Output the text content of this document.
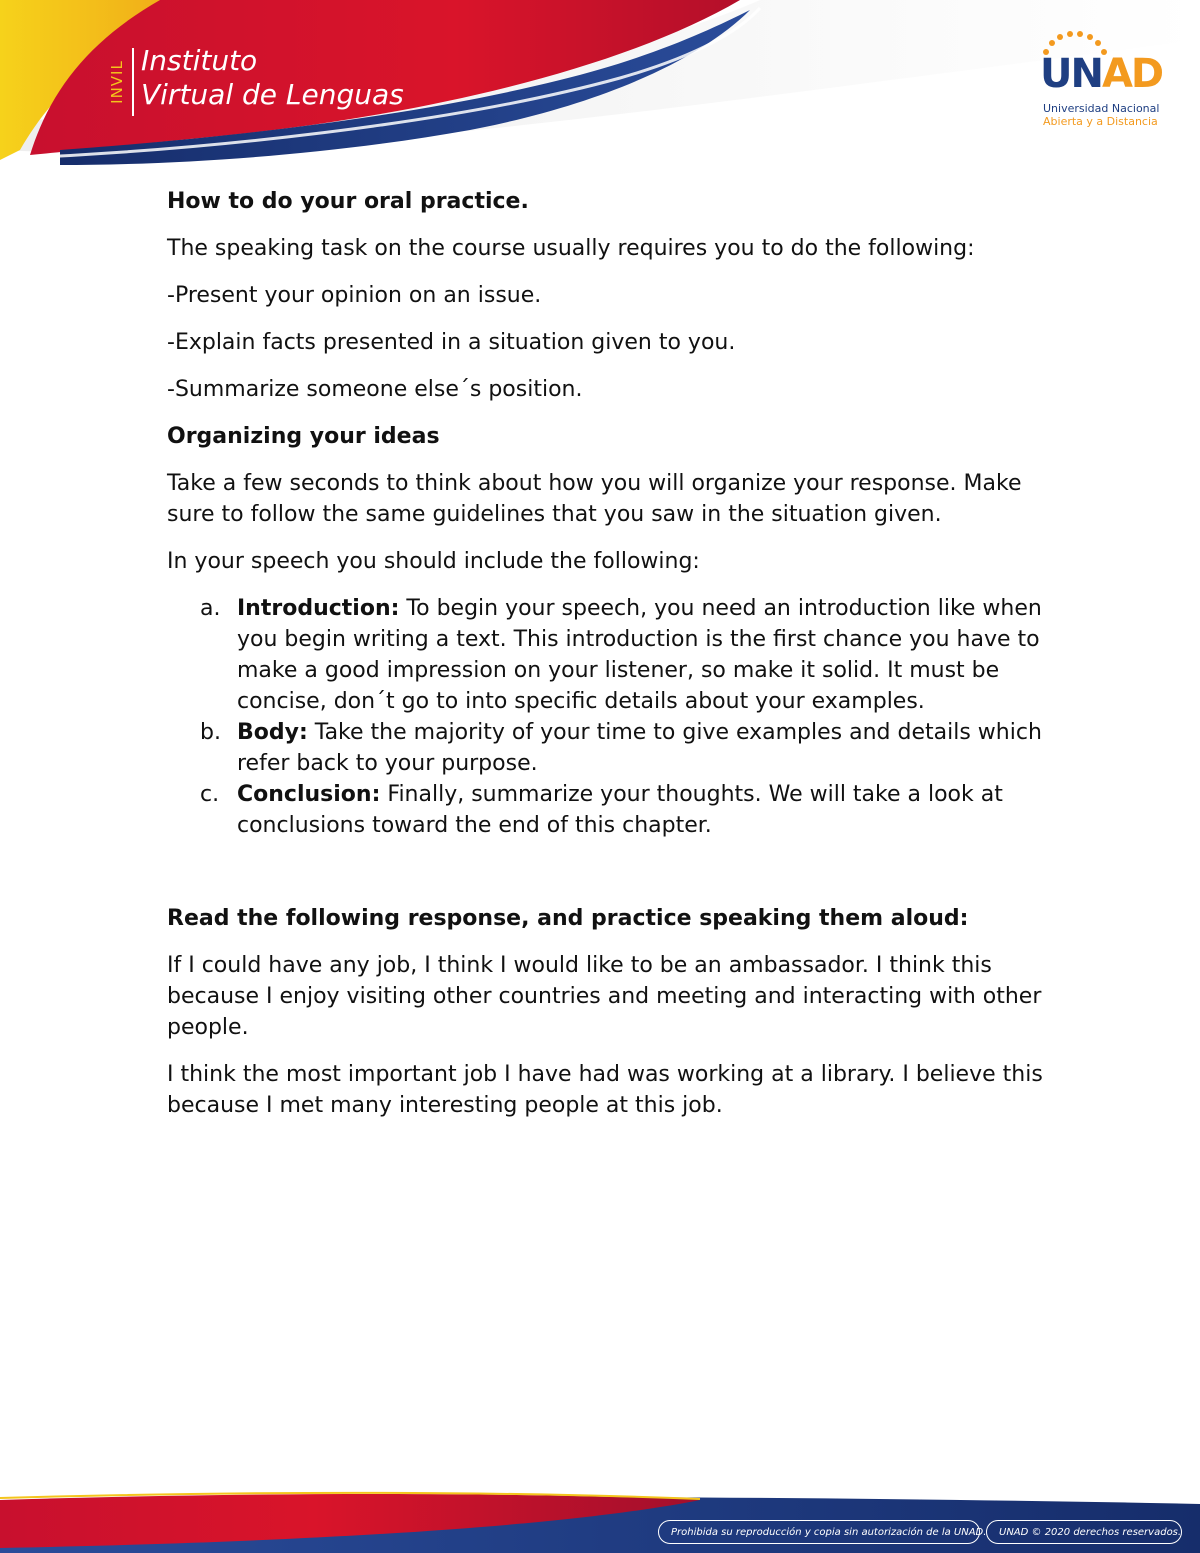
INVIL Instituto
Virtual de Lenguas	UNAD
Universidad Nacional
Abierta y a Distancia
How to do your oral practice.

The speaking task on the course usually requires you to do the following:

-Present your opinion on an issue.

-Explain facts presented in a situation given to you.

-Summarize someone else´s position.

Organizing your ideas

Take a few seconds to think about how you will organize your response. Make sure to follow the same guidelines that you saw in the situation given.

In your speech you should include the following:

a. Introduction: To begin your speech, you need an introduction like when you begin writing a text. This introduction is the first chance you have to make a good impression on your listener, so make it solid. It must be concise, don´t go to into specific details about your examples.
b. Body: Take the majority of your time to give examples and details which refer back to your purpose.
c. Conclusion: Finally, summarize your thoughts. We will take a look at conclusions toward the end of this chapter.
Read the following response, and practice speaking them aloud:

If I could have any job, I think I would like to be an ambassador. I think this because I enjoy visiting other countries and meeting and interacting with other people.

I think the most important job I have had was working at a library. I believe this because I met many interesting people at this job.

Prohibida su reproducción y copia sin autorización de la UNAD.	UNAD © 2020 derechos reservados.
